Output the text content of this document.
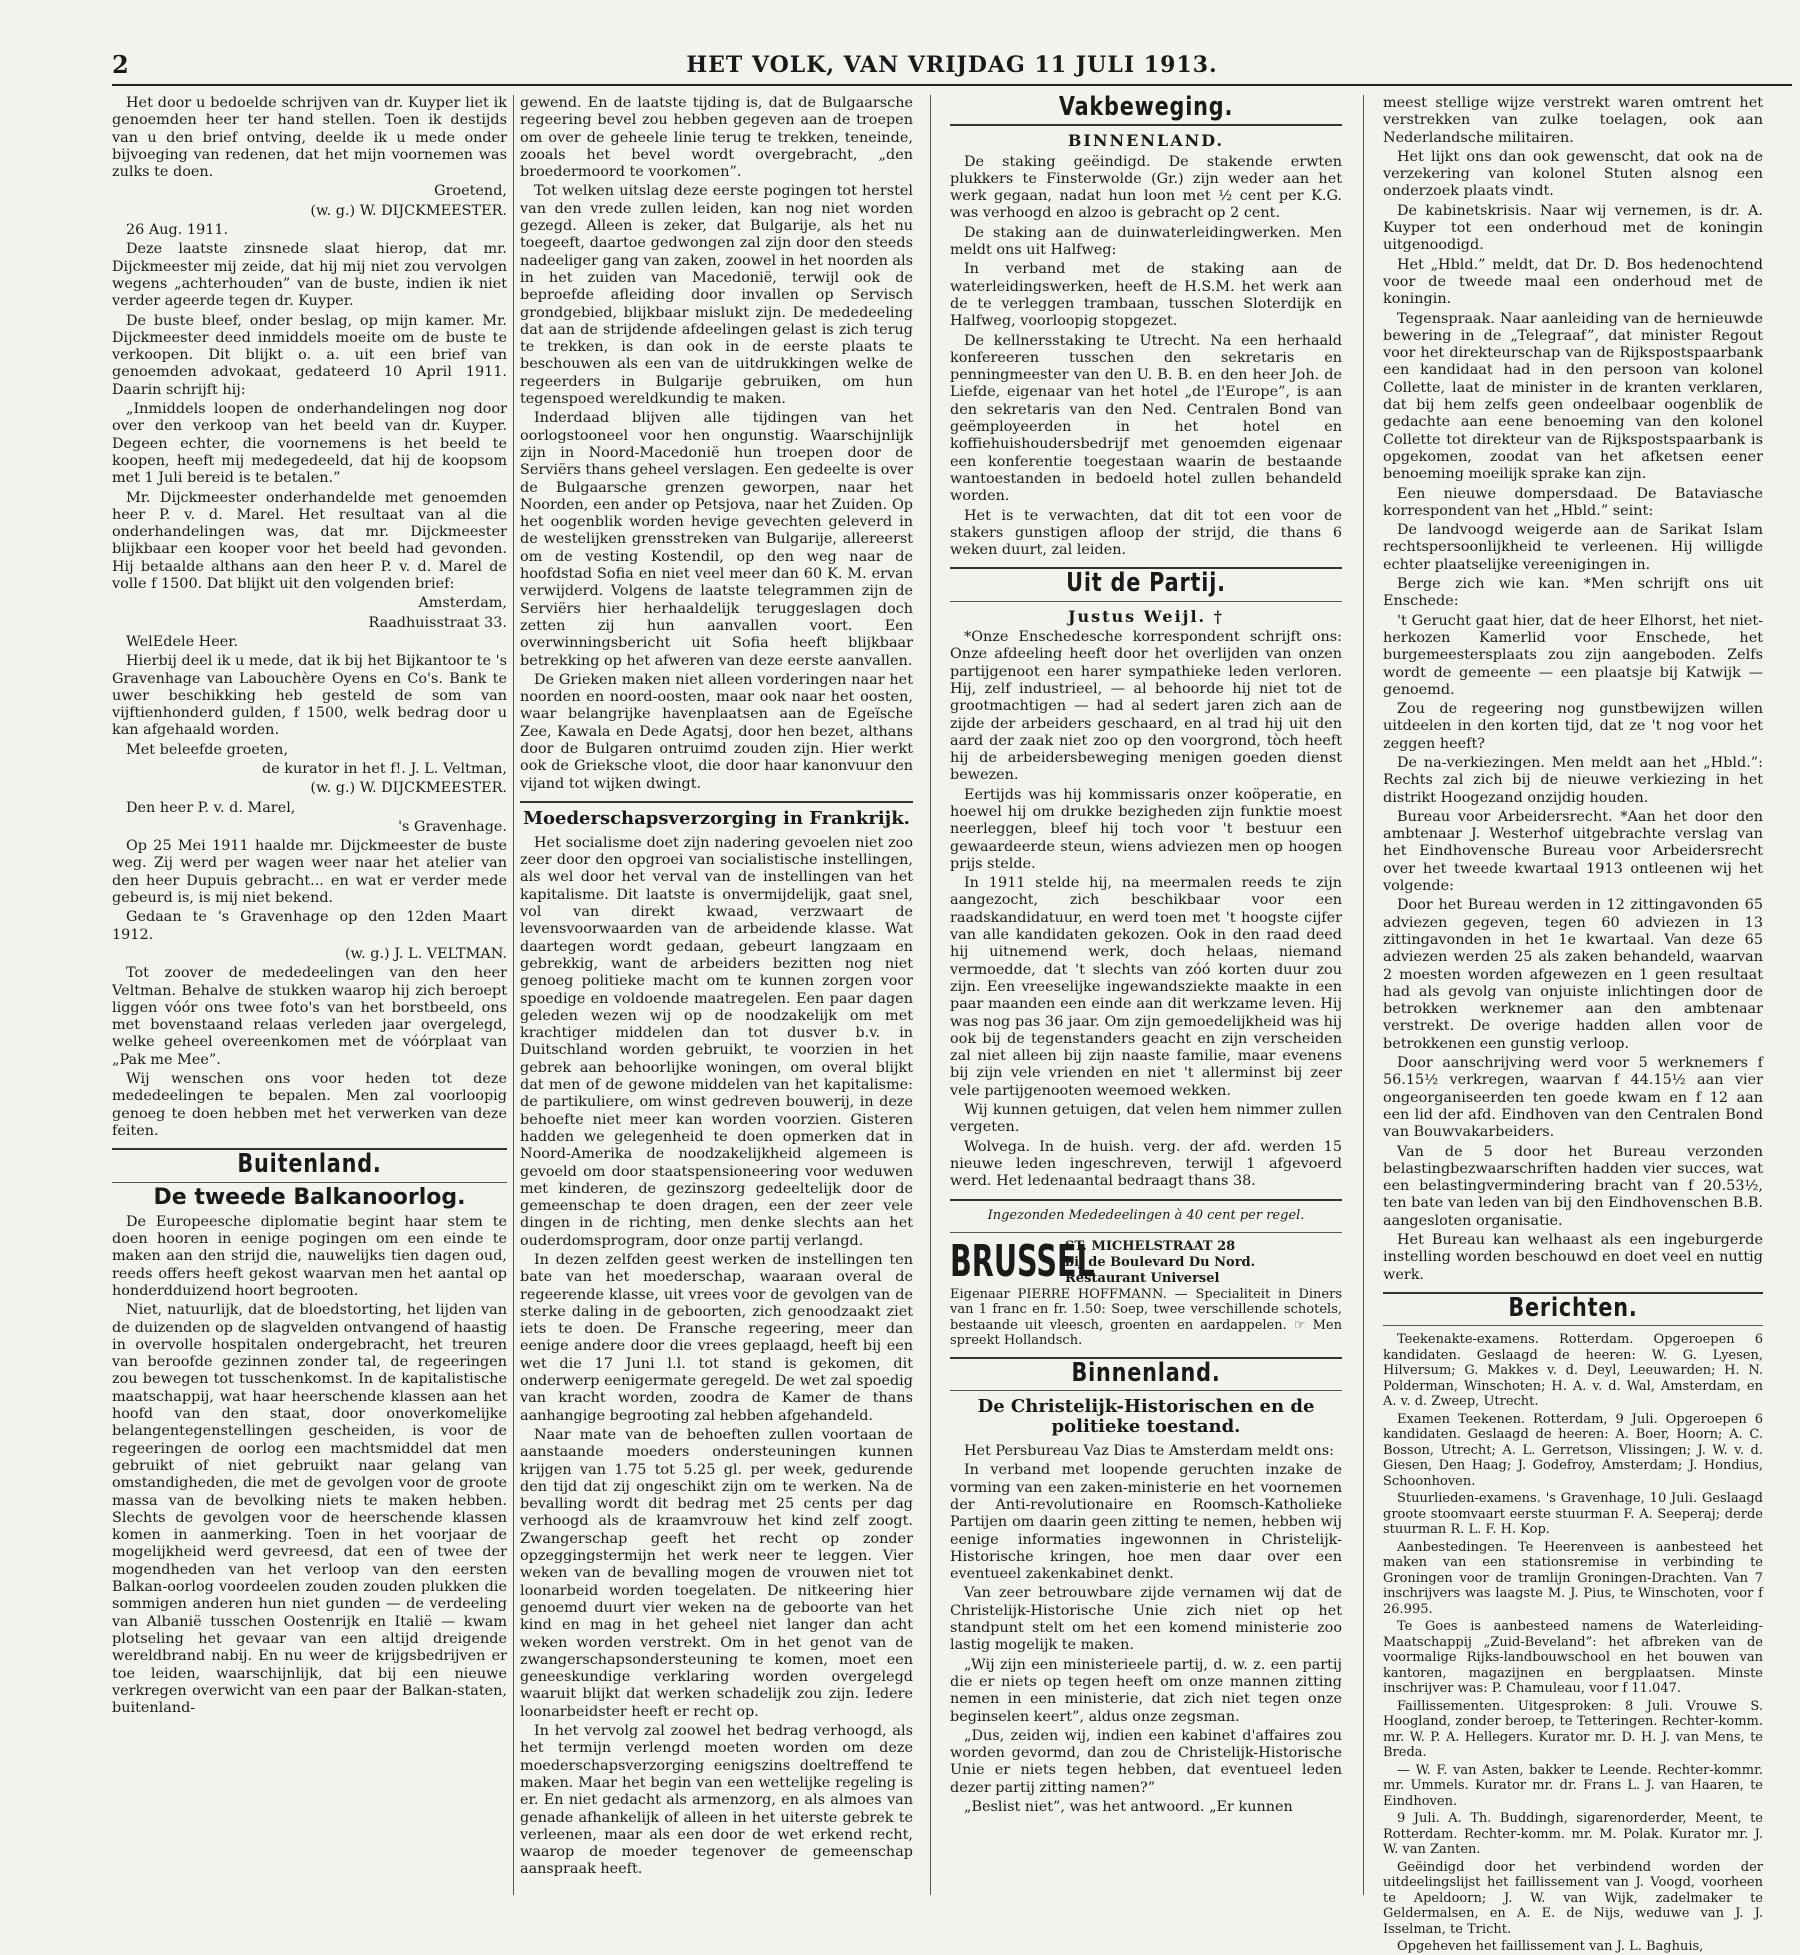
2	HET VOLK, VAN VRIJDAG 11 JULI 1913.

Het door u bedoelde schrijven van dr. Kuyper liet ik genoemden heer ter hand stellen. Toen ik destijds van u den brief ontving, deelde ik u mede onder bijvoeging van redenen, dat het mijn voornemen was zulks te doen.

Groetend,

(w. g.) W. DIJCKMEESTER.

26 Aug. 1911.

Deze laatste zinsnede slaat hierop, dat mr. Dijckmeester mij zeide, dat hij mij niet zou vervolgen wegens „achterhouden” van de buste, indien ik niet verder ageerde tegen dr. Kuyper.

De buste bleef, onder beslag, op mijn kamer. Mr. Dijckmeester deed inmiddels moeite om de buste te verkoopen. Dit blijkt o. a. uit een brief van genoemden advokaat, gedateerd 10 April 1911. Daarin schrijft hij:

„Inmiddels loopen de onderhandelingen nog door over den verkoop van het beeld van dr. Kuyper. Degeen echter, die voornemens is het beeld te koopen, heeft mij medegedeeld, dat hij de koopsom met 1 Juli bereid is te betalen.”

Mr. Dijckmeester onderhandelde met genoemden heer P. v. d. Marel. Het resultaat van al die onderhandelingen was, dat mr. Dijckmeester blijkbaar een kooper voor het beeld had gevonden. Hij betaalde althans aan den heer P. v. d. Marel de volle f 1500. Dat blijkt uit den volgenden brief:

Amsterdam,

Raadhuisstraat 33.

WelEdele Heer.

Hierbij deel ik u mede, dat ik bij het Bijkantoor te 's Gravenhage van Labouchère Oyens en Co's. Bank te uwer beschikking heb gesteld de som van vijftienhonderd gulden, f 1500, welk bedrag door u kan afgehaald worden.

Met beleefde groeten,

de kurator in het f!. J. L. Veltman,

(w. g.) W. DIJCKMEESTER.

Den heer P. v. d. Marel,

's Gravenhage.

Op 25 Mei 1911 haalde mr. Dijckmeester de buste weg. Zij werd per wagen weer naar het atelier van den heer Dupuis gebracht... en wat er verder mede gebeurd is, is mij niet bekend.

Gedaan te 's Gravenhage op den 12den Maart 1912.

(w. g.) J. L. VELTMAN.

Tot zoover de mededeelingen van den heer Veltman. Behalve de stukken waarop hij zich beroept liggen vóór ons twee foto's van het borstbeeld, ons met bovenstaand relaas verleden jaar overgelegd, welke geheel overeenkomen met de vóórplaat van „Pak me Mee”.

Wij wenschen ons voor heden tot deze mededeelingen te bepalen. Men zal voorloopig genoeg te doen hebben met het verwerken van deze feiten.

Buitenland.
De tweede Balkanoorlog.

De Europeesche diplomatie begint haar stem te doen hooren in eenige pogingen om een einde te maken aan den strijd die, nauwelijks tien dagen oud, reeds offers heeft gekost waarvan men het aantal op honderdduizend hoort begrooten.

Niet, natuurlijk, dat de bloedstorting, het lijden van de duizenden op de slagvelden ontvangend of haastig in overvolle hospitalen ondergebracht, het treuren van beroofde gezinnen zonder tal, de regeeringen zou bewegen tot tusschenkomst. In de kapitalistische maatschappij, wat haar heerschende klassen aan het hoofd van den staat, door onoverkomelijke belangentegenstellingen gescheiden, is voor de regeeringen de oorlog een machtsmiddel dat men gebruikt of niet gebruikt naar gelang van omstandigheden, die met de gevolgen voor de groote massa van de bevolking niets te maken hebben. Slechts de gevolgen voor de heerschende klassen komen in aanmerking. Toen in het voorjaar de mogelijkheid werd gevreesd, dat een of twee der mogendheden van het verloop van den eersten Balkan-oorlog voordeelen zouden zouden plukken die sommigen anderen hun niet gunden — de verdeeling van Albanië tusschen Oostenrijk en Italië — kwam plotseling het gevaar van een altijd dreigende wereldbrand nabij. En nu weer de krijgsbedrijven er toe leiden, waarschijnlijk, dat bij een nieuwe verkregen overwicht van een paar der Balkan-staten, buitenland-

gewend. En de laatste tijding is, dat de Bulgaarsche regeering bevel zou hebben gegeven aan de troepen om over de geheele linie terug te trekken, teneinde, zooals het bevel wordt overgebracht, „den broedermoord te voorkomen”.

Tot welken uitslag deze eerste pogingen tot herstel van den vrede zullen leiden, kan nog niet worden gezegd. Alleen is zeker, dat Bulgarije, als het nu toegeeft, daartoe gedwongen zal zijn door den steeds nadeeliger gang van zaken, zoowel in het noorden als in het zuiden van Macedonië, terwijl ook de beproefde afleiding door invallen op Servisch grondgebied, blijkbaar mislukt zijn. De mededeeling dat aan de strijdende afdeelingen gelast is zich terug te trekken, is dan ook in de eerste plaats te beschouwen als een van de uitdrukkingen welke de regeerders in Bulgarije gebruiken, om hun tegenspoed wereldkundig te maken.

Inderdaad blijven alle tijdingen van het oorlogstooneel voor hen ongunstig. Waarschijnlijk zijn in Noord-Macedonië hun troepen door de Serviërs thans geheel verslagen. Een gedeelte is over de Bulgaarsche grenzen geworpen, naar het Noorden, een ander op Petsjova, naar het Zuiden. Op het oogenblik worden hevige gevechten geleverd in de westelijken grensstreken van Bulgarije, allereerst om de vesting Kostendil, op den weg naar de hoofdstad Sofia en niet veel meer dan 60 K. M. ervan verwijderd. Volgens de laatste telegrammen zijn de Serviërs hier herhaaldelijk teruggeslagen doch zetten zij hun aanvallen voort. Een overwinningsbericht uit Sofia heeft blijkbaar betrekking op het afweren van deze eerste aanvallen.

De Grieken maken niet alleen vorderingen naar het noorden en noord-oosten, maar ook naar het oosten, waar belangrijke havenplaatsen aan de Egeïsche Zee, Kawala en Dede Agatsj, door hen bezet, althans door de Bulgaren ontruimd zouden zijn. Hier werkt ook de Grieksche vloot, die door haar kanonvuur den vijand tot wijken dwingt.

Moederschapsverzorging in Frankrijk.

Het socialisme doet zijn nadering gevoelen niet zoo zeer door den opgroei van socialistische instellingen, als wel door het verval van de instellingen van het kapitalisme. Dit laatste is onvermijdelijk, gaat snel, vol van direkt kwaad, verzwaart de levensvoorwaarden van de arbeidende klasse. Wat daartegen wordt gedaan, gebeurt langzaam en gebrekkig, want de arbeiders bezitten nog niet genoeg politieke macht om te kunnen zorgen voor spoedige en voldoende maatregelen. Een paar dagen geleden wezen wij op de noodzakelijk om met krachtiger middelen dan tot dusver b.v. in Duitschland worden gebruikt, te voorzien in het gebrek aan behoorlijke woningen, om overal blijkt dat men of de gewone middelen van het kapitalisme: de partikuliere, om winst gedreven bouwerij, in deze behoefte niet meer kan worden voorzien. Gisteren hadden we gelegenheid te doen opmerken dat in Noord-Amerika de noodzakelijkheid algemeen is gevoeld om door staatspensioneering voor weduwen met kinderen, de gezinszorg gedeeltelijk door de gemeenschap te doen dragen, een der zeer vele dingen in de richting, men denke slechts aan het ouderdomsprogram, door onze partij verlangd.

In dezen zelfden geest werken de instellingen ten bate van het moederschap, waaraan overal de regeerende klasse, uit vrees voor de gevolgen van de sterke daling in de geboorten, zich genoodzaakt ziet iets te doen. De Fransche regeering, meer dan eenige andere door die vrees geplaagd, heeft bij een wet die 17 Juni l.l. tot stand is gekomen, dit onderwerp eenigermate geregeld. De wet zal spoedig van kracht worden, zoodra de Kamer de thans aanhangige begrooting zal hebben afgehandeld.

Naar mate van de behoeften zullen voortaan de aanstaande moeders ondersteuningen kunnen krijgen van 1.75 tot 5.25 gl. per week, gedurende den tijd dat zij ongeschikt zijn om te werken. Na de bevalling wordt dit bedrag met 25 cents per dag verhoogd als de kraamvrouw het kind zelf zoogt. Zwangerschap geeft het recht op zonder opzeggingstermijn het werk neer te leggen. Vier weken van de bevalling mogen de vrouwen niet tot loonarbeid worden toegelaten. De nitkeering hier genoemd duurt vier weken na de geboorte van het kind en mag in het geheel niet langer dan acht weken worden verstrekt. Om in het genot van de zwangerschapsondersteuning te komen, moet een geneeskundige verklaring worden overgelegd waaruit blijkt dat werken schadelijk zou zijn. Iedere loonarbeidster heeft er recht op.

In het vervolg zal zoowel het bedrag verhoogd, als het termijn verlengd moeten worden om deze moederschapsverzorging eenigszins doeltreffend te maken. Maar het begin van een wettelijke regeling is er. En niet gedacht als armenzorg, en als almoes van genade afhankelijk of alleen in het uiterste gebrek te verleenen, maar als een door de wet erkend recht, waarop de moeder tegenover de gemeenschap aanspraak heeft.

Vakbeweging.
BINNENLAND.

De staking geëindigd. De stakende erwten plukkers te Finsterwolde (Gr.) zijn weder aan het werk gegaan, nadat hun loon met ½ cent per K.G. was verhoogd en alzoo is gebracht op 2 cent.

De staking aan de duinwaterleidingwerken. Men meldt ons uit Halfweg:

In verband met de staking aan de waterleidingswerken, heeft de H.S.M. het werk aan de te verleggen trambaan, tusschen Sloterdijk en Halfweg, voorloopig stopgezet.

De kellnersstaking te Utrecht. Na een herhaald konfereeren tusschen den sekretaris en penningmeester van den U. B. B. en den heer Joh. de Liefde, eigenaar van het hotel „de l'Europe”, is aan den sekretaris van den Ned. Centralen Bond van geëmployeerden in het hotel en koffiehuishoudersbedrijf met genoemden eigenaar een konferentie toegestaan waarin de bestaande wantoestanden in bedoeld hotel zullen behandeld worden.

Het is te verwachten, dat dit tot een voor de stakers gunstigen afloop der strijd, die thans 6 weken duurt, zal leiden.

Uit de Partij.
Justus Weijl. †

*Onze Enschedesche korrespondent schrijft ons: Onze afdeeling heeft door het overlijden van onzen partijgenoot een harer sympathieke leden verloren. Hij, zelf industrieel, — al behoorde hij niet tot de grootmachtigen — had al sedert jaren zich aan de zijde der arbeiders geschaard, en al trad hij uit den aard der zaak niet zoo op den voorgrond, tòch heeft hij de arbeidersbeweging menigen goeden dienst bewezen.

Eertijds was hij kommissaris onzer koöperatie, en hoewel hij om drukke bezigheden zijn funktie moest neerleggen, bleef hij toch voor 't bestuur een gewaardeerde steun, wiens adviezen men op hoogen prijs stelde.

In 1911 stelde hij, na meermalen reeds te zijn aangezocht, zich beschikbaar voor een raadskandidatuur, en werd toen met 't hoogste cijfer van alle kandidaten gekozen. Ook in den raad deed hij uitnemend werk, doch helaas, niemand vermoedde, dat 't slechts van zóó korten duur zou zijn. Een vreeselijke ingewandsziekte maakte in een paar maanden een einde aan dit werkzame leven. Hij was nog pas 36 jaar. Om zijn gemoedelijkheid was hij ook bij de tegenstanders geacht en zijn verscheiden zal niet alleen bij zijn naaste familie, maar evenens bij zijn vele vrienden en niet 't allerminst bij zeer vele partijgenooten weemoed wekken.

Wij kunnen getuigen, dat velen hem nimmer zullen vergeten.

Wolvega. In de huish. verg. der afd. werden 15 nieuwe leden ingeschreven, terwijl 1 afgevoerd werd. Het ledenaantal bedraagt thans 38.

Ingezonden Mededeelingen à 40 cent per regel.
BRUSSEL
ST. MICHELSTRAAT 28
bij de Boulevard Du Nord.
Restaurant Universel

Eigenaar PIERRE HOFFMANN. — Specialiteit in Diners van 1 franc en fr. 1.50: Soep, twee verschillende schotels, bestaande uit vleesch, groenten en aardappelen. ☞ Men spreekt Hollandsch.

Binnenland.
De Christelijk-Historischen en de politieke toestand.

Het Persbureau Vaz Dias te Amsterdam meldt ons:

In verband met loopende geruchten inzake de vorming van een zaken-ministerie en het voornemen der Anti-revolutionaire en Roomsch-Katholieke Partijen om daarin geen zitting te nemen, hebben wij eenige informaties ingewonnen in Christelijk-Historische kringen, hoe men daar over een eventueel zakenkabinet denkt.

Van zeer betrouwbare zijde vernamen wij dat de Christelijk-Historische Unie zich niet op het standpunt stelt om het een komend ministerie zoo lastig mogelijk te maken.

„Wij zijn een ministerieele partij, d. w. z. een partij die er niets op tegen heeft om onze mannen zitting nemen in een ministerie, dat zich niet tegen onze beginselen keert”, aldus onze zegsman.

„Dus, zeiden wij, indien een kabinet d'affaires zou worden gevormd, dan zou de Christelijk-Historische Unie er niets tegen hebben, dat eventueel leden dezer partij zitting namen?”

„Beslist niet”, was het antwoord. „Er kunnen

meest stellige wijze verstrekt waren omtrent het verstrekken van zulke toelagen, ook aan Nederlandsche militairen.

Het lijkt ons dan ook gewenscht, dat ook na de verzekering van kolonel Stuten alsnog een onderzoek plaats vindt.

De kabinetskrisis. Naar wij vernemen, is dr. A. Kuyper tot een onderhoud met de koningin uitgenoodigd.

Het „Hbld.” meldt, dat Dr. D. Bos hedenochtend voor de tweede maal een onderhoud met de koningin.

Tegenspraak. Naar aanleiding van de hernieuwde bewering in de „Telegraaf”, dat minister Regout voor het direkteurschap van de Rijkspostspaarbank een kandidaat had in den persoon van kolonel Collette, laat de minister in de kranten verklaren, dat bij hem zelfs geen ondeelbaar oogenblik de gedachte aan eene benoeming van den kolonel Collette tot direkteur van de Rijkspostspaarbank is opgekomen, zoodat van het afketsen eener benoeming moeilijk sprake kan zijn.

Een nieuwe dompersdaad. De Bataviasche korrespondent van het „Hbld.” seint:

De landvoogd weigerde aan de Sarikat Islam rechtspersoonlijkheid te verleenen. Hij willigde echter plaatselijke vereenigingen in.

Berge zich wie kan. *Men schrijft ons uit Enschede:

't Gerucht gaat hier, dat de heer Elhorst, het niet-herkozen Kamerlid voor Enschede, het burgemeestersplaats zou zijn aangeboden. Zelfs wordt de gemeente — een plaatsje bij Katwijk — genoemd.

Zou de regeering nog gunstbewijzen willen uitdeelen in den korten tijd, dat ze 't nog voor het zeggen heeft?

De na-verkiezingen. Men meldt aan het „Hbld.”: Rechts zal zich bij de nieuwe verkiezing in het distrikt Hoogezand onzijdig houden.

Bureau voor Arbeidersrecht. *Aan het door den ambtenaar J. Westerhof uitgebrachte verslag van het Eindhovensche Bureau voor Arbeidersrecht over het tweede kwartaal 1913 ontleenen wij het volgende:

Door het Bureau werden in 12 zittingavonden 65 adviezen gegeven, tegen 60 adviezen in 13 zittingavonden in het 1e kwartaal. Van deze 65 adviezen werden 25 als zaken behandeld, waarvan 2 moesten worden afgewezen en 1 geen resultaat had als gevolg van onjuiste inlichtingen door de betrokken werknemer aan den ambtenaar verstrekt. De overige hadden allen voor de betrokkenen een gunstig verloop.

Door aanschrijving werd voor 5 werknemers f 56.15½ verkregen, waarvan f 44.15½ aan vier ongeorganiseerden ten goede kwam en f 12 aan een lid der afd. Eindhoven van den Centralen Bond van Bouwvakarbeiders.

Van de 5 door het Bureau verzonden belastingbezwaarschriften hadden vier succes, wat een belastingvermindering bracht van f 20.53½, ten bate van leden van bij den Eindhovenschen B.B. aangesloten organisatie.

Het Bureau kan welhaast als een ingeburgerde instelling worden beschouwd en doet veel en nuttig werk.

Berichten.

Teekenakte-examens. Rotterdam. Opgeroepen 6 kandidaten. Geslaagd de heeren: W. G. Lyesen, Hilversum; G. Makkes v. d. Deyl, Leeuwarden; H. N. Polderman, Winschoten; H. A. v. d. Wal, Amsterdam, en A. v. d. Zweep, Utrecht.

Examen Teekenen. Rotterdam, 9 Juli. Opgeroepen 6 kandidaten. Geslaagd de heeren: A. Boer, Hoorn; A. C. Bosson, Utrecht; A. L. Gerretson, Vlissingen; J. W. v. d. Giesen, Den Haag; J. Godefroy, Amsterdam; J. Hondius, Schoonhoven.

Stuurlieden-examens. 's Gravenhage, 10 Juli. Geslaagd groote stoomvaart eerste stuurman F. A. Seeperaj; derde stuurman R. L. F. H. Kop.

Aanbestedingen. Te Heerenveen is aanbesteed het maken van een stationsremise in verbinding te Groningen voor de tramlijn Groningen-Drachten. Van 7 inschrijvers was laagste M. J. Pius, te Winschoten, voor f 26.995.

Te Goes is aanbesteed namens de Waterleiding-Maatschappij „Zuid-Beveland”: het afbreken van de voormalige Rijks-landbouwschool en het bouwen van kantoren, magazijnen en bergplaatsen. Minste inschrijver was: P. Chamuleau, voor f 11.047.

Faillissementen. Uitgesproken: 8 Juli. Vrouwe S. Hoogland, zonder beroep, te Tetteringen. Rechter-komm. mr. W. P. A. Hellegers. Kurator mr. D. H. J. van Mens, te Breda.

— W. F. van Asten, bakker te Leende. Rechter-kommr. mr. Ummels. Kurator mr. dr. Frans L. J. van Haaren, te Eindhoven.

9 Juli. A. Th. Buddingh, sigarenorderder, Meent, te Rotterdam. Rechter-komm. mr. M. Polak. Kurator mr. J. W. van Zanten.

Geëindigd door het verbindend worden der uitdeelingslijst het faillissement van J. Voogd, voorheen te Apeldoorn; J. W. van Wijk, zadelmaker te Geldermalsen, en A. E. de Nijs, weduwe van J. J. Isselman, te Tricht.

Opgeheven het faillissement van J. L. Baghuis,
